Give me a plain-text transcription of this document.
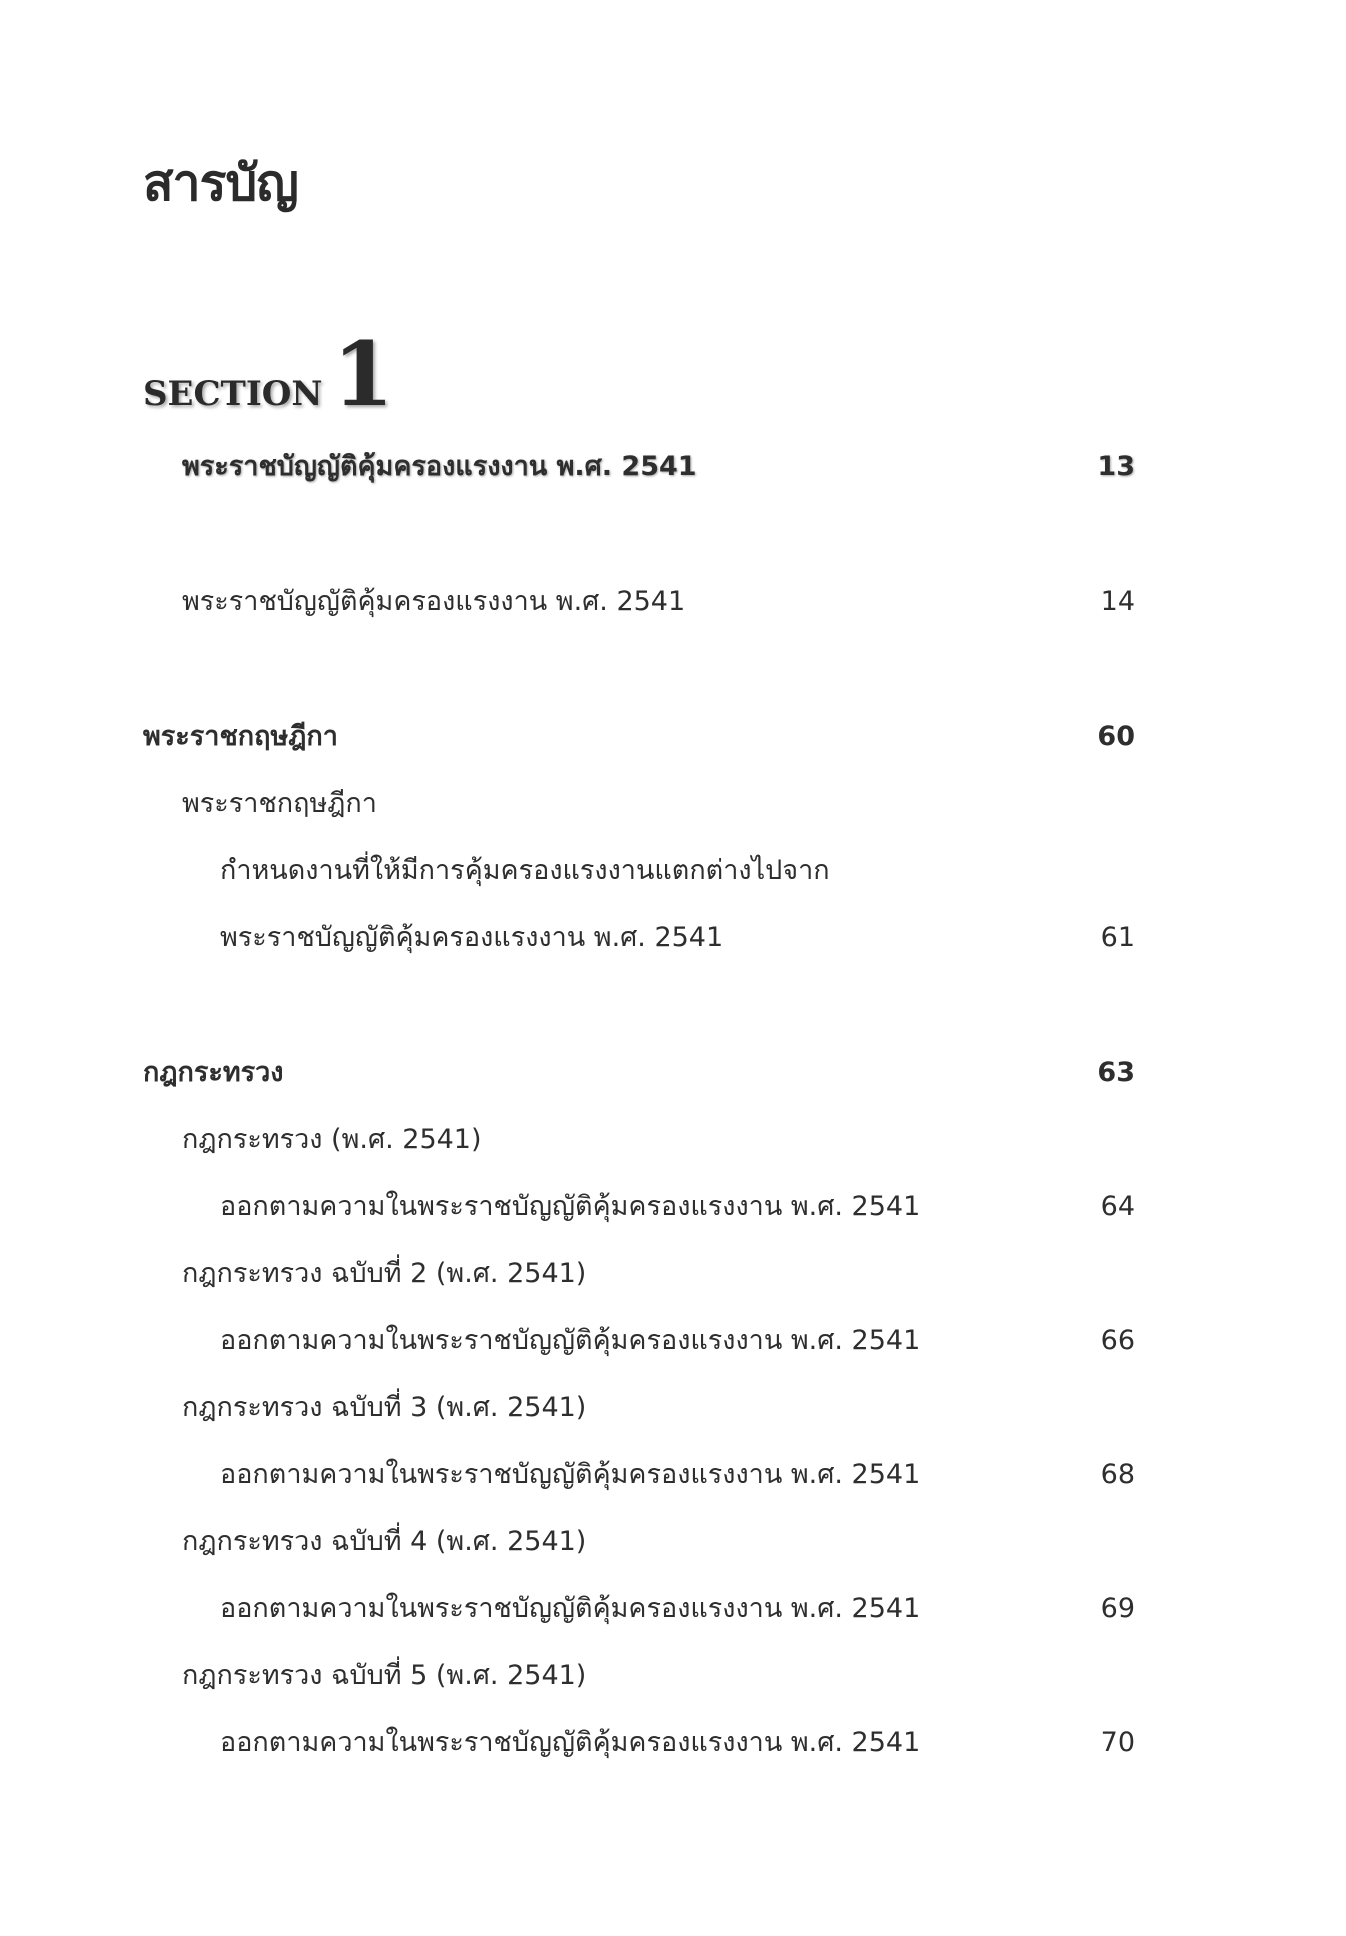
สารบัญ
SECTION 1
พระราชบัญญัติคุ้มครองแรงงาน พ.ศ. 2541	13
พระราชบัญญัติคุ้มครองแรงงาน พ.ศ. 2541	14
พระราชกฤษฎีกา	60
พระราชกฤษฎีกา
กำหนดงานที่ให้มีการคุ้มครองแรงงานแตกต่างไปจาก
พระราชบัญญัติคุ้มครองแรงงาน พ.ศ. 2541	61
กฎกระทรวง	63
กฎกระทรวง (พ.ศ. 2541)
ออกตามความในพระราชบัญญัติคุ้มครองแรงงาน พ.ศ. 2541	64
กฎกระทรวง ฉบับที่ 2 (พ.ศ. 2541)
ออกตามความในพระราชบัญญัติคุ้มครองแรงงาน พ.ศ. 2541	66
กฎกระทรวง ฉบับที่ 3 (พ.ศ. 2541)
ออกตามความในพระราชบัญญัติคุ้มครองแรงงาน พ.ศ. 2541	68
กฎกระทรวง ฉบับที่ 4 (พ.ศ. 2541)
ออกตามความในพระราชบัญญัติคุ้มครองแรงงาน พ.ศ. 2541	69
กฎกระทรวง ฉบับที่ 5 (พ.ศ. 2541)
ออกตามความในพระราชบัญญัติคุ้มครองแรงงาน พ.ศ. 2541	70
